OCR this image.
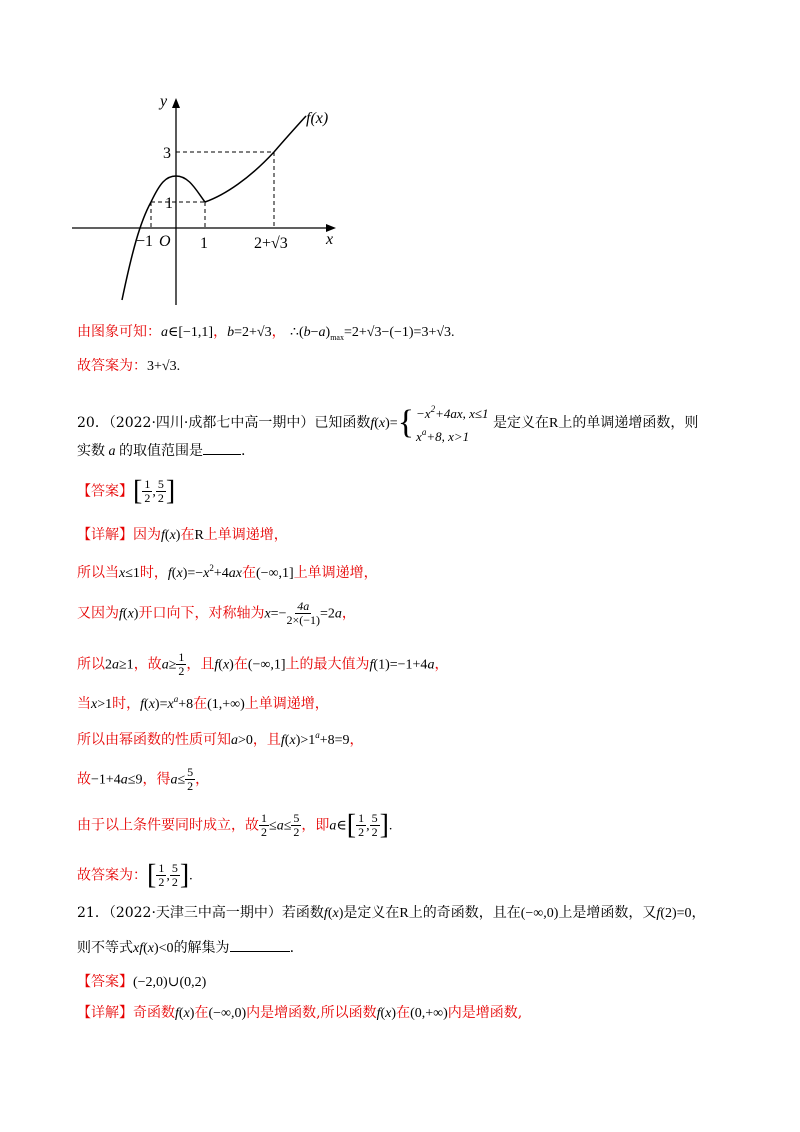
y
x
f(x)
3
1
−1 O 1	2+√3
由图象可知：a∈[−1,1]，b=2+√3， $\therefore(b-a)_{max}=2+√3-(-1)=3+√3$.
故答案为：3+√3.
20．（2022·四川·成都七中高一期中）已知函数f(x)= { $-x^2+4ax$, x≤1
$x^a+8$, x>1
是定义在R上的单调递增函数，则
实数 a 的取值范围是	.
【答案】[ $\frac{1}{2}$ , $\frac{5}{2}$ ]
【详解】因为f(x)在R上单调递增，
所以当x≤1时，$f(x)=-x^2+4ax$在(−∞,1]上单调递增，
又因为f(x)开口向下，对称轴为$x=- \frac{4a}{2\times(-1)} =2a$，
所以2a≥1，故$a\ge \frac{1}{2}$ ，且f(x)在(−∞,1]上的最大值为f(1)=−1+4a，
当x>1时，$f(x)=x^a+8$在(1,+∞)上单调递增，
所以由幂函数的性质可知a>0，且$f(x)>1^a+8=9$，
故−1+4a≤9，得$a\le \frac{5}{2}$ ，
由于以上条件要同时成立，故 $\frac{1}{2} \le a\le \frac{5}{2}$ ，即a∈[ $\frac{1}{2}$ , $\frac{5}{2}$ ].
故答案为：[ $\frac{1}{2}$ , $\frac{5}{2}$ ].
21．（2022·天津三中高一期中）若函数f(x)是定义在R上的奇函数，且在(−∞,0)上是增函数，又f(2)=0，
则不等式xf(x)<0的解集为	.
【答案】(−2,0)∪(0,2)
【详解】奇函数f(x)在(−∞,0)内是增函数,所以函数f(x)在(0,+∞)内是增函数,
